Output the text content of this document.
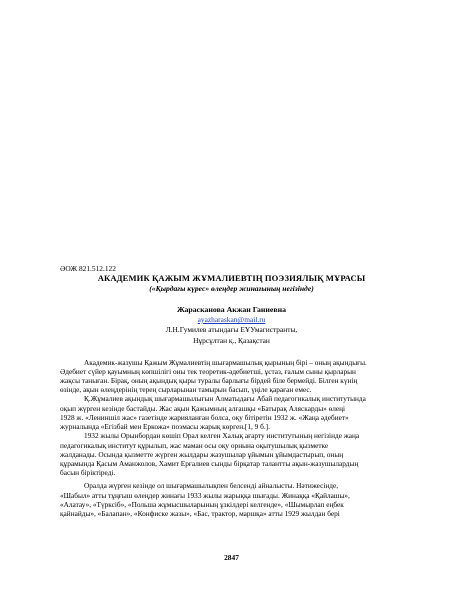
ӘОЖ 821.512.122
АКАДЕМИК ҚАЖЫМ ЖҰМАЛИЕВТІҢ ПОЭЗИЯЛЫҚ МҰРАСЫ
(«Қырдағы күрес» өлеңдер жинағының негізінде)
Жарасканова Акжан Ганиевна
ayazharaskan@mail.ru
Л.Н.Гумилев атындағы ЕҰУмагистранты,
Нұрсұлтан қ., Қазақстан
Академик-жазушы Қажым Жұмалиевтің шығармашылық қырының бірі – оның ақындығы.
Әдебиет сүйер қауымның көпшілігі оны тек теоретик-әдебиетші, ұстаз, ғалым сыны қырларын
жақсы таныған. Бірақ, оның ақындық қыры туралы барлығы бірдей біле бермейді. Білген күнің
өзінде, ақын өлеңдерінің терең сырларынан тамырын басып, үңіле қараған емес.
Қ.Жұмалиев ақындық шығармашылығын Алматыдағы Абай педагогикалық институтында
оқып жүрген кезінде бастайды. Жас ақын Қажымның алғашқы «Батырақ Аляскарды» өлеңі
1928 ж. «Лениншіл жас» газетінде жарияланған болса, оқу бітіретін 1932 ж. «Жаңа әдебиет»
журналында «Егізбай мен Еркожа» поэмасы жарық көрген.[1, 9 б.].
1932 жылы Орынбордан көшіп Орал келген Халық ағарту институтының негізінде жаңа
педагогикалық институт құрылып, жас маман осы оқу орнына оқытушылық қызметке
жалданады. Осында қызметте жүрген жылдары жазушылар ұйымын ұйымдастырып, оның
құрамында Қасым Аманжолов, Хамит Ерғалиев сынды бірқатар талантты ақын-жазушылардың
басын біріктіреді.
Оралда жүрген кезінде ол шығармашылықпен белсенді айналысты. Нәтижесінде,
«Шабыл» атты тұңғыш өлеңдер жинағы 1933 жылы жарыққа шығады. Жинаққа «Қайлашы»,
«Алатау», «Түрксіб», «Польша жұмысшыларының ұзкілдері келгенде», «Шымырлап еңбек
қайнайды», «Балапан», «Конфискe жазы», «Бас, трактор, маршқа» атты 1929 жылдан бері
2847
